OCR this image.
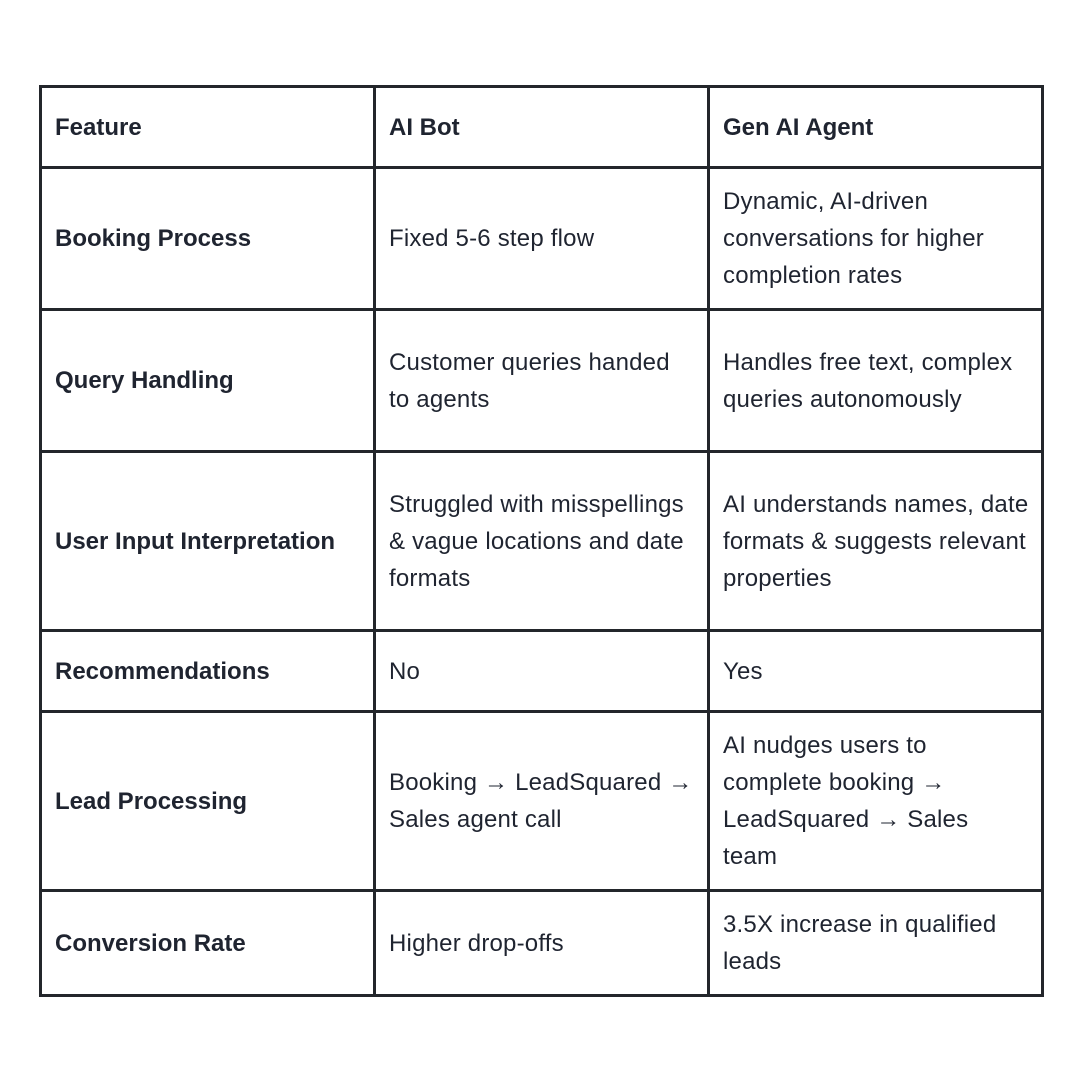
Feature	AI Bot	Gen AI Agent
Booking Process	Fixed 5-6 step flow	Dynamic, AI-driven conversations for higher completion rates
Query Handling	Customer queries handed to agents	Handles free text, complex queries autonomously
User Input Interpretation	Struggled with misspellings & vague locations and date formats	AI understands names, date formats & suggests relevant properties
Recommendations	No	Yes
Lead Processing	Booking → LeadSquared → Sales agent call	AI nudges users to complete booking → LeadSquared → Sales team
Conversion Rate	Higher drop-offs	3.5X increase in qualified leads
